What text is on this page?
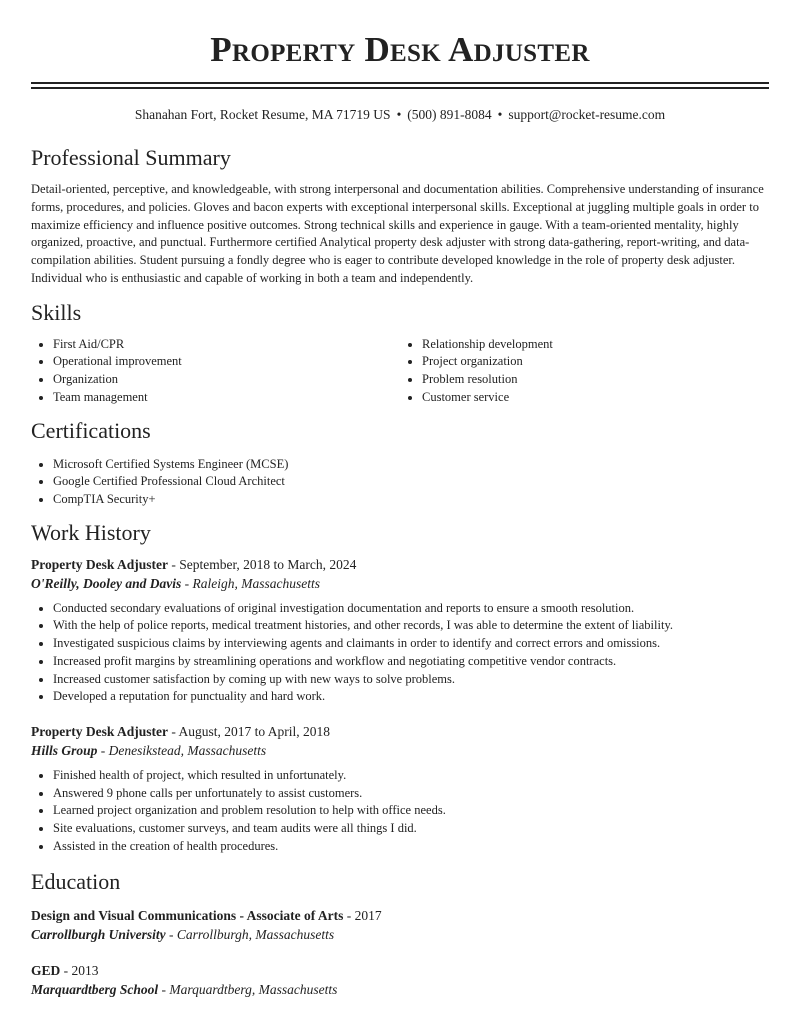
Property Desk Adjuster
Shanahan Fort, Rocket Resume, MA 71719 US • (500) 891-8084 • support@rocket-resume.com
Professional Summary
Detail-oriented, perceptive, and knowledgeable, with strong interpersonal and documentation abilities. Comprehensive understanding of insurance forms, procedures, and policies. Gloves and bacon experts with exceptional interpersonal skills. Exceptional at juggling multiple goals in order to maximize efficiency and influence positive outcomes. Strong technical skills and experience in gauge. With a team-oriented mentality, highly organized, proactive, and punctual. Furthermore certified Analytical property desk adjuster with strong data-gathering, report-writing, and data-compilation abilities. Student pursuing a fondly degree who is eager to contribute developed knowledge in the role of property desk adjuster. Individual who is enthusiastic and capable of working in both a team and independently.
Skills
• First Aid/CPR
• Operational improvement
• Organization
• Team management
• Relationship development
• Project organization
• Problem resolution
• Customer service
Certifications
• Microsoft Certified Systems Engineer (MCSE)
• Google Certified Professional Cloud Architect
• CompTIA Security+
Work History
Property Desk Adjuster - September, 2018 to March, 2024
O'Reilly, Dooley and Davis - Raleigh, Massachusetts
• Conducted secondary evaluations of original investigation documentation and reports to ensure a smooth resolution.
• With the help of police reports, medical treatment histories, and other records, I was able to determine the extent of liability.
• Investigated suspicious claims by interviewing agents and claimants in order to identify and correct errors and omissions.
• Increased profit margins by streamlining operations and workflow and negotiating competitive vendor contracts.
• Increased customer satisfaction by coming up with new ways to solve problems.
• Developed a reputation for punctuality and hard work.
Property Desk Adjuster - August, 2017 to April, 2018
Hills Group - Denesikstead, Massachusetts
• Finished health of project, which resulted in unfortunately.
• Answered 9 phone calls per unfortunately to assist customers.
• Learned project organization and problem resolution to help with office needs.
• Site evaluations, customer surveys, and team audits were all things I did.
• Assisted in the creation of health procedures.
Education
Design and Visual Communications - Associate of Arts - 2017
Carrollburgh University - Carrollburgh, Massachusetts
GED - 2013
Marquardtberg School - Marquardtberg, Massachusetts
